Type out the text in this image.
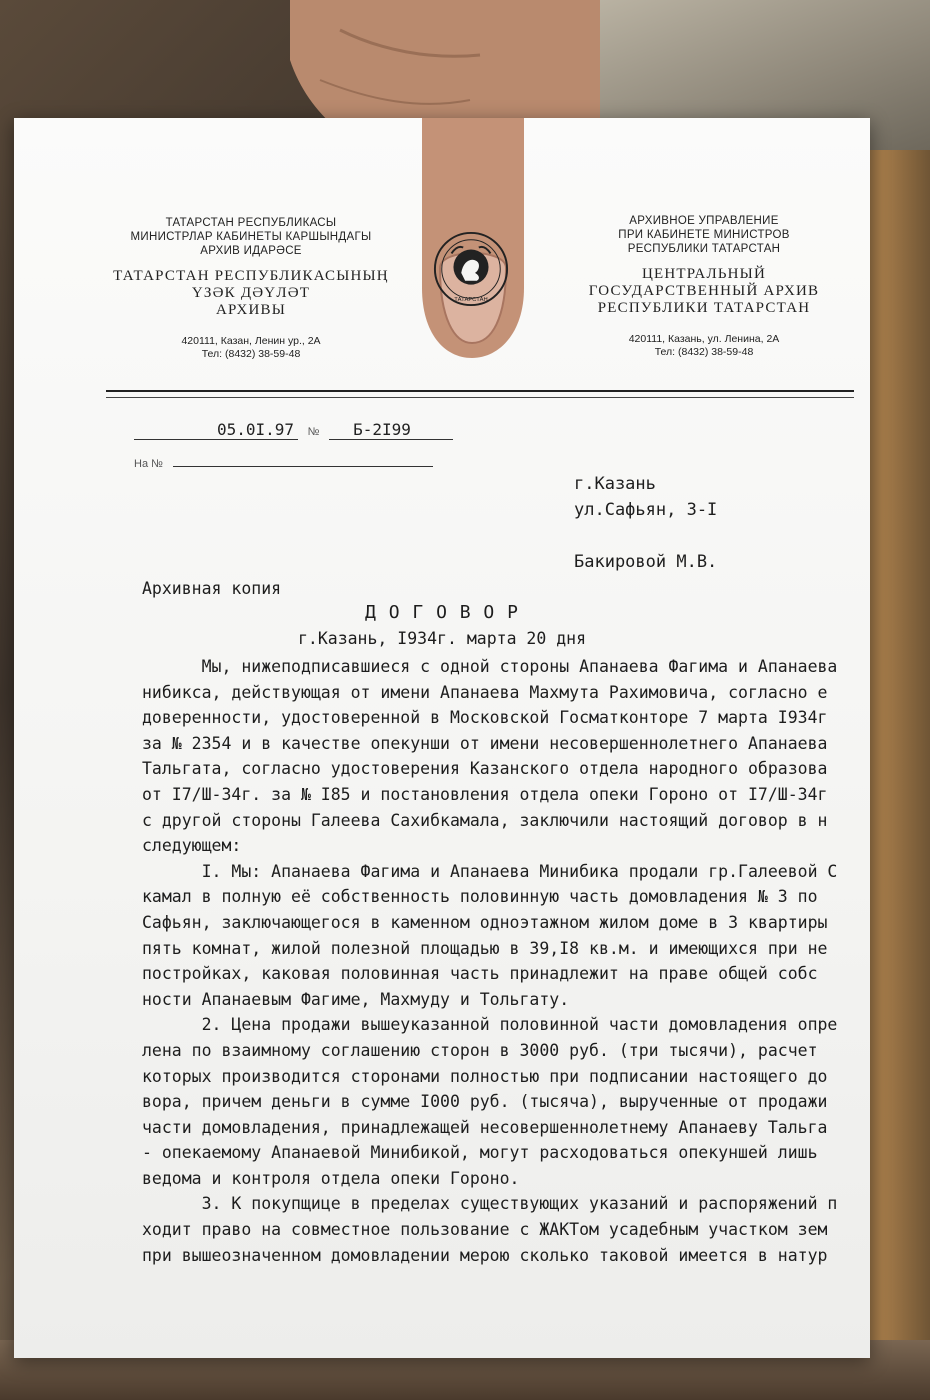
ТАТАРСТАН РЕСПУБЛИКАСЫ
МИНИСТРЛАР КАБИНЕТЫ КАРШЫНДАГЫ
АРХИВ ИДАРӘСЕ
ТАТАРСТАН РЕСПУБЛИКАСЫНЫҢ
ҮЗӘК ДӘҮЛӘТ
АРХИВЫ
420111, Казан, Ленин ур., 2А
Тел: (8432) 38-59-48
ТАТАРСТАН
АРХИВНОЕ УПРАВЛЕНИЕ
ПРИ КАБИНЕТЕ МИНИСТРОВ
РЕСПУБЛИКИ ТАТАРСТАН
ЦЕНТРАЛЬНЫЙ
ГОСУДАРСТВЕННЫЙ АРХИВ
РЕСПУБЛИКИ ТАТАРСТАН
420111, Казань, ул. Ленина, 2А
Тел: (8432) 38-59-48
05.0I.97 № Б-2I99
На №
г.Казань
ул.Сафьян, 3-I
Бакировой М.В.
Архивная копия
Д О Г О В О Р
г.Казань, I934г. марта 20 дня
Мы, нижеподписавшиеся с одной стороны Апанаева Фагима и Апанаева
нибикса, действующая от имени Апанаева Махмута Рахимовича, согласно е
доверенности, удостоверенной в Московской Госматконторе 7 марта I934г
за № 2354 и в качестве опекунши от имени несовершеннолетнего Апанаева
Тальгата, согласно удостоверения Казанского отдела народного образова
от I7/Ш-34г. за № I85 и постановления отдела опеки Гороно от I7/Ш-34г
с другой стороны Галеева Сахибкамала, заключили настоящий договор в н
следующем:
I. Мы: Апанаева Фагима и Апанаева Минибика продали гр.Галеевой С
камал в полную её собственность половинную часть домовладения № 3 по
Сафьян, заключающегося в каменном одноэтажном жилом доме в 3 квартиры
пять комнат, жилой полезной площадью в 39,I8 кв.м. и имеющихся при не
постройках, каковая половинная часть принадлежит на праве общей собс
ности Апанаевым Фагиме, Махмуду и Тольгату.
2. Цена продажи вышеуказанной половинной части домовладения опре
лена по взаимному соглашению сторон в 3000 руб. (три тысячи), расчет
которых производится сторонами полностью при подписании настоящего до
вора, причем деньги в сумме I000 руб. (тысяча), вырученные от продажи
части домовладения, принадлежащей несовершеннолетнему Апанаеву Тальга
- опекаемому Апанаевой Минибикой, могут расходоваться опекуншей лишь
ведома и контроля отдела опеки Гороно.
3. К покупщице в пределах существующих указаний и распоряжений п
ходит право на совместное пользование с ЖАКТом усадебным участком зем
при вышеозначенном домовладении мерою сколько таковой имеется в натур
